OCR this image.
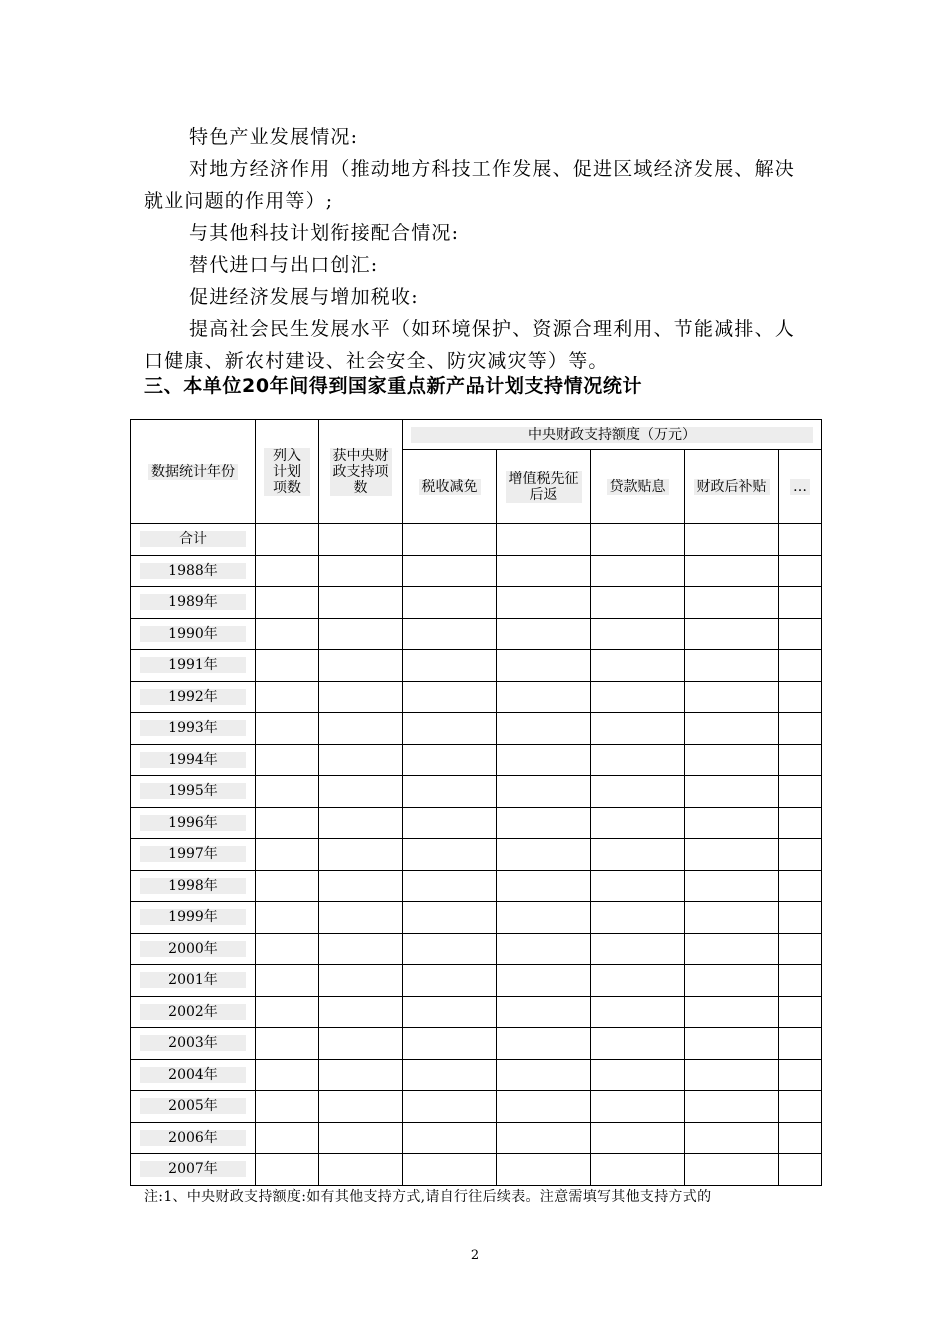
特色产业发展情况:
对地方经济作用（推动地方科技工作发展、促进区域经济发展、解决就业问题的作用等）;
与其他科技计划衔接配合情况:
替代进口与出口创汇:
促进经济发展与增加税收:
提高社会民生发展水平（如环境保护、资源合理利用、节能减排、人口健康、新农村建设、社会安全、防灾减灾等）等。
三、本单位20年间得到国家重点新产品计划支持情况统计
数据统计年份	列入计划项数	获中央财政支持项数	中央财政支持额度（万元）				

			税收减免	增值税先征后返	贷款贴息	财政后补贴	…
合计							
1988年							
1989年							
1990年							
1991年							
1992年							
1993年							
1994年							
1995年							
1996年							
1997年							
1998年							
1999年							
2000年							
2001年							
2002年							
2003年							
2004年							
2005年							
2006年							
2007年							
注:1、中央财政支持额度:如有其他支持方式,请自行往后续表。注意需填写其他支持方式的
2
